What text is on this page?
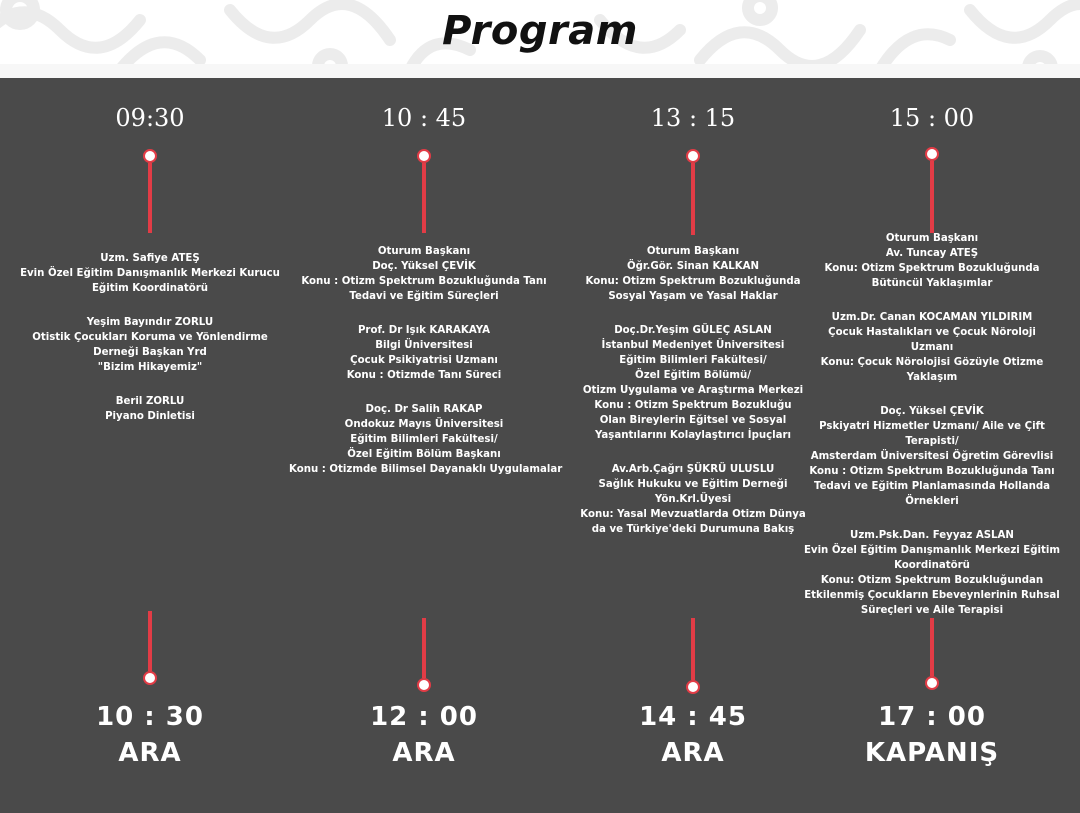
Program
09:30
Uzm. Safiye ATEŞ
Evin Özel Eğitim Danışmanlık Merkezi Kurucu
Eğitim Koordinatörü
Yeşim Bayındır ZORLU
Otistik Çocukları Koruma ve Yönlendirme
Derneği Başkan Yrd
"Bizim Hikayemiz"
Beril ZORLU
Piyano Dinletisi
10 : 30
ARA
10 : 45
Oturum Başkanı
Doç. Yüksel ÇEVİK
Konu : Otizm Spektrum Bozukluğunda Tanı
Tedavi ve Eğitim Süreçleri
Prof. Dr Işık KARAKAYA
Bilgi Üniversitesi
Çocuk Psikiyatrisi Uzmanı
Konu : Otizmde Tanı Süreci
Doç. Dr Salih RAKAP
Ondokuz Mayıs Üniversitesi
Eğitim Bilimleri Fakültesi/
Özel Eğitim Bölüm Başkanı
Konu : Otizmde Bilimsel Dayanaklı Uygulamalar
12 : 00
ARA
13 : 15
Oturum Başkanı
Öğr.Gör. Sinan KALKAN
Konu: Otizm Spektrum Bozukluğunda
Sosyal Yaşam ve Yasal Haklar
Doç.Dr.Yeşim GÜLEÇ ASLAN
İstanbul Medeniyet Üniversitesi
Eğitim Bilimleri Fakültesi/
Özel Eğitim Bölümü/
Otizm Uygulama ve Araştırma Merkezi
Konu : Otizm Spektrum Bozukluğu
Olan Bireylerin Eğitsel ve Sosyal
Yaşantılarını Kolaylaştırıcı İpuçları
Av.Arb.Çağrı ŞÜKRÜ ULUSLU
Sağlık Hukuku ve Eğitim Derneği
Yön.Krl.Üyesi
Konu: Yasal Mevzuatlarda Otizm Dünya
da ve Türkiye'deki Durumuna Bakış
14 : 45
ARA
15 : 00
Oturum Başkanı
Av. Tuncay ATEŞ
Konu: Otizm Spektrum Bozukluğunda
Bütüncül Yaklaşımlar
Uzm.Dr. Canan KOCAMAN YILDIRIM
Çocuk Hastalıkları ve Çocuk Nöroloji
Uzmanı
Konu: Çocuk Nörolojisi Gözüyle Otizme
Yaklaşım
Doç. Yüksel ÇEVİK
Pskiyatri Hizmetler Uzmanı/ Aile ve Çift
Terapisti/
Amsterdam Üniversitesi Öğretim Görevlisi
Konu : Otizm Spektrum Bozukluğunda Tanı
Tedavi ve Eğitim Planlamasında Hollanda
Örnekleri
Uzm.Psk.Dan. Feyyaz ASLAN
Evin Özel Eğitim Danışmanlık Merkezi Eğitim
Koordinatörü
Konu: Otizm Spektrum Bozukluğundan
Etkilenmiş Çocukların Ebeveynlerinin Ruhsal
Süreçleri ve Aile Terapisi
17 : 00
KAPANIŞ
